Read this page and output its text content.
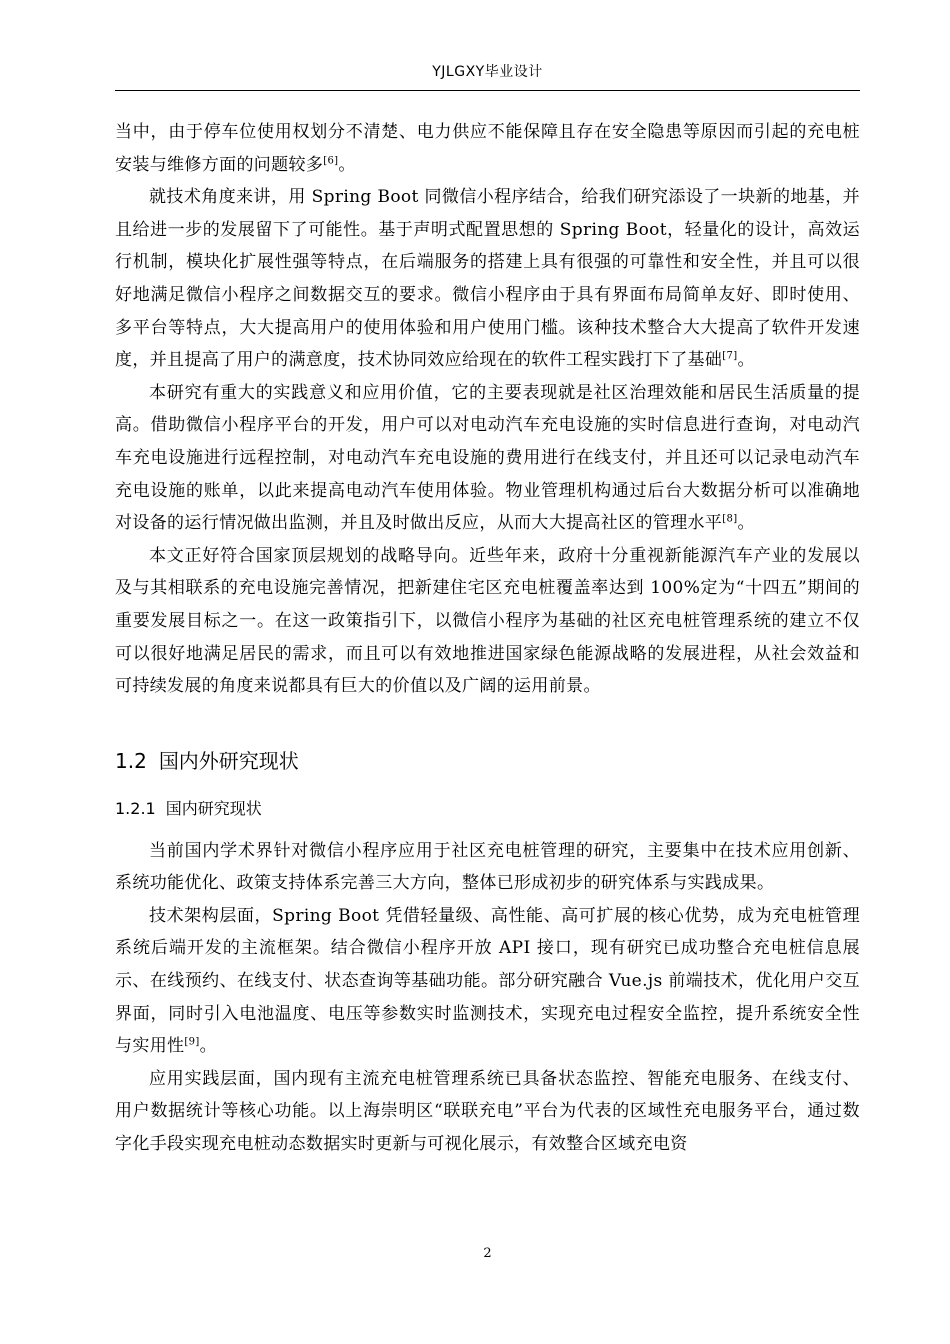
YJLGXY毕业设计

当中，由于停车位使用权划分不清楚、电力供应不能保障且存在安全隐患等原因而引起的充电桩安装与维修方面的问题较多[6]。

就技术角度来讲，用 Spring Boot 同微信小程序结合，给我们研究添设了一块新的地基，并且给进一步的发展留下了可能性。基于声明式配置思想的 Spring Boot，轻量化的设计，高效运行机制，模块化扩展性强等特点，在后端服务的搭建上具有很强的可靠性和安全性，并且可以很好地满足微信小程序之间数据交互的要求。微信小程序由于具有界面布局简单友好、即时使用、多平台等特点，大大提高用户的使用体验和用户使用门槛。该种技术整合大大提高了软件开发速度，并且提高了用户的满意度，技术协同效应给现在的软件工程实践打下了基础[7]。

本研究有重大的实践意义和应用价值，它的主要表现就是社区治理效能和居民生活质量的提高。借助微信小程序平台的开发，用户可以对电动汽车充电设施的实时信息进行查询，对电动汽车充电设施进行远程控制，对电动汽车充电设施的费用进行在线支付，并且还可以记录电动汽车充电设施的账单，以此来提高电动汽车使用体验。物业管理机构通过后台大数据分析可以准确地对设备的运行情况做出监测，并且及时做出反应，从而大大提高社区的管理水平[8]。

本文正好符合国家顶层规划的战略导向。近些年来，政府十分重视新能源汽车产业的发展以及与其相联系的充电设施完善情况，把新建住宅区充电桩覆盖率达到 100%定为“十四五”期间的重要发展目标之一。在这一政策指引下，以微信小程序为基础的社区充电桩管理系统的建立不仅可以很好地满足居民的需求，而且可以有效地推进国家绿色能源战略的发展进程，从社会效益和可持续发展的角度来说都具有巨大的价值以及广阔的运用前景。

1.2 国内外研究现状
1.2.1 国内研究现状

当前国内学术界针对微信小程序应用于社区充电桩管理的研究，主要集中在技术应用创新、系统功能优化、政策支持体系完善三大方向，整体已形成初步的研究体系与实践成果。

技术架构层面，Spring Boot 凭借轻量级、高性能、高可扩展的核心优势，成为充电桩管理系统后端开发的主流框架。结合微信小程序开放 API 接口，现有研究已成功整合充电桩信息展示、在线预约、在线支付、状态查询等基础功能。部分研究融合 Vue.js 前端技术，优化用户交互界面，同时引入电池温度、电压等参数实时监测技术，实现充电过程安全监控，提升系统安全性与实用性[9]。

应用实践层面，国内现有主流充电桩管理系统已具备状态监控、智能充电服务、在线支付、用户数据统计等核心功能。以上海崇明区“联联充电”平台为代表的区域性充电服务平台，通过数字化手段实现充电桩动态数据实时更新与可视化展示，有效整合区域充电资

2
